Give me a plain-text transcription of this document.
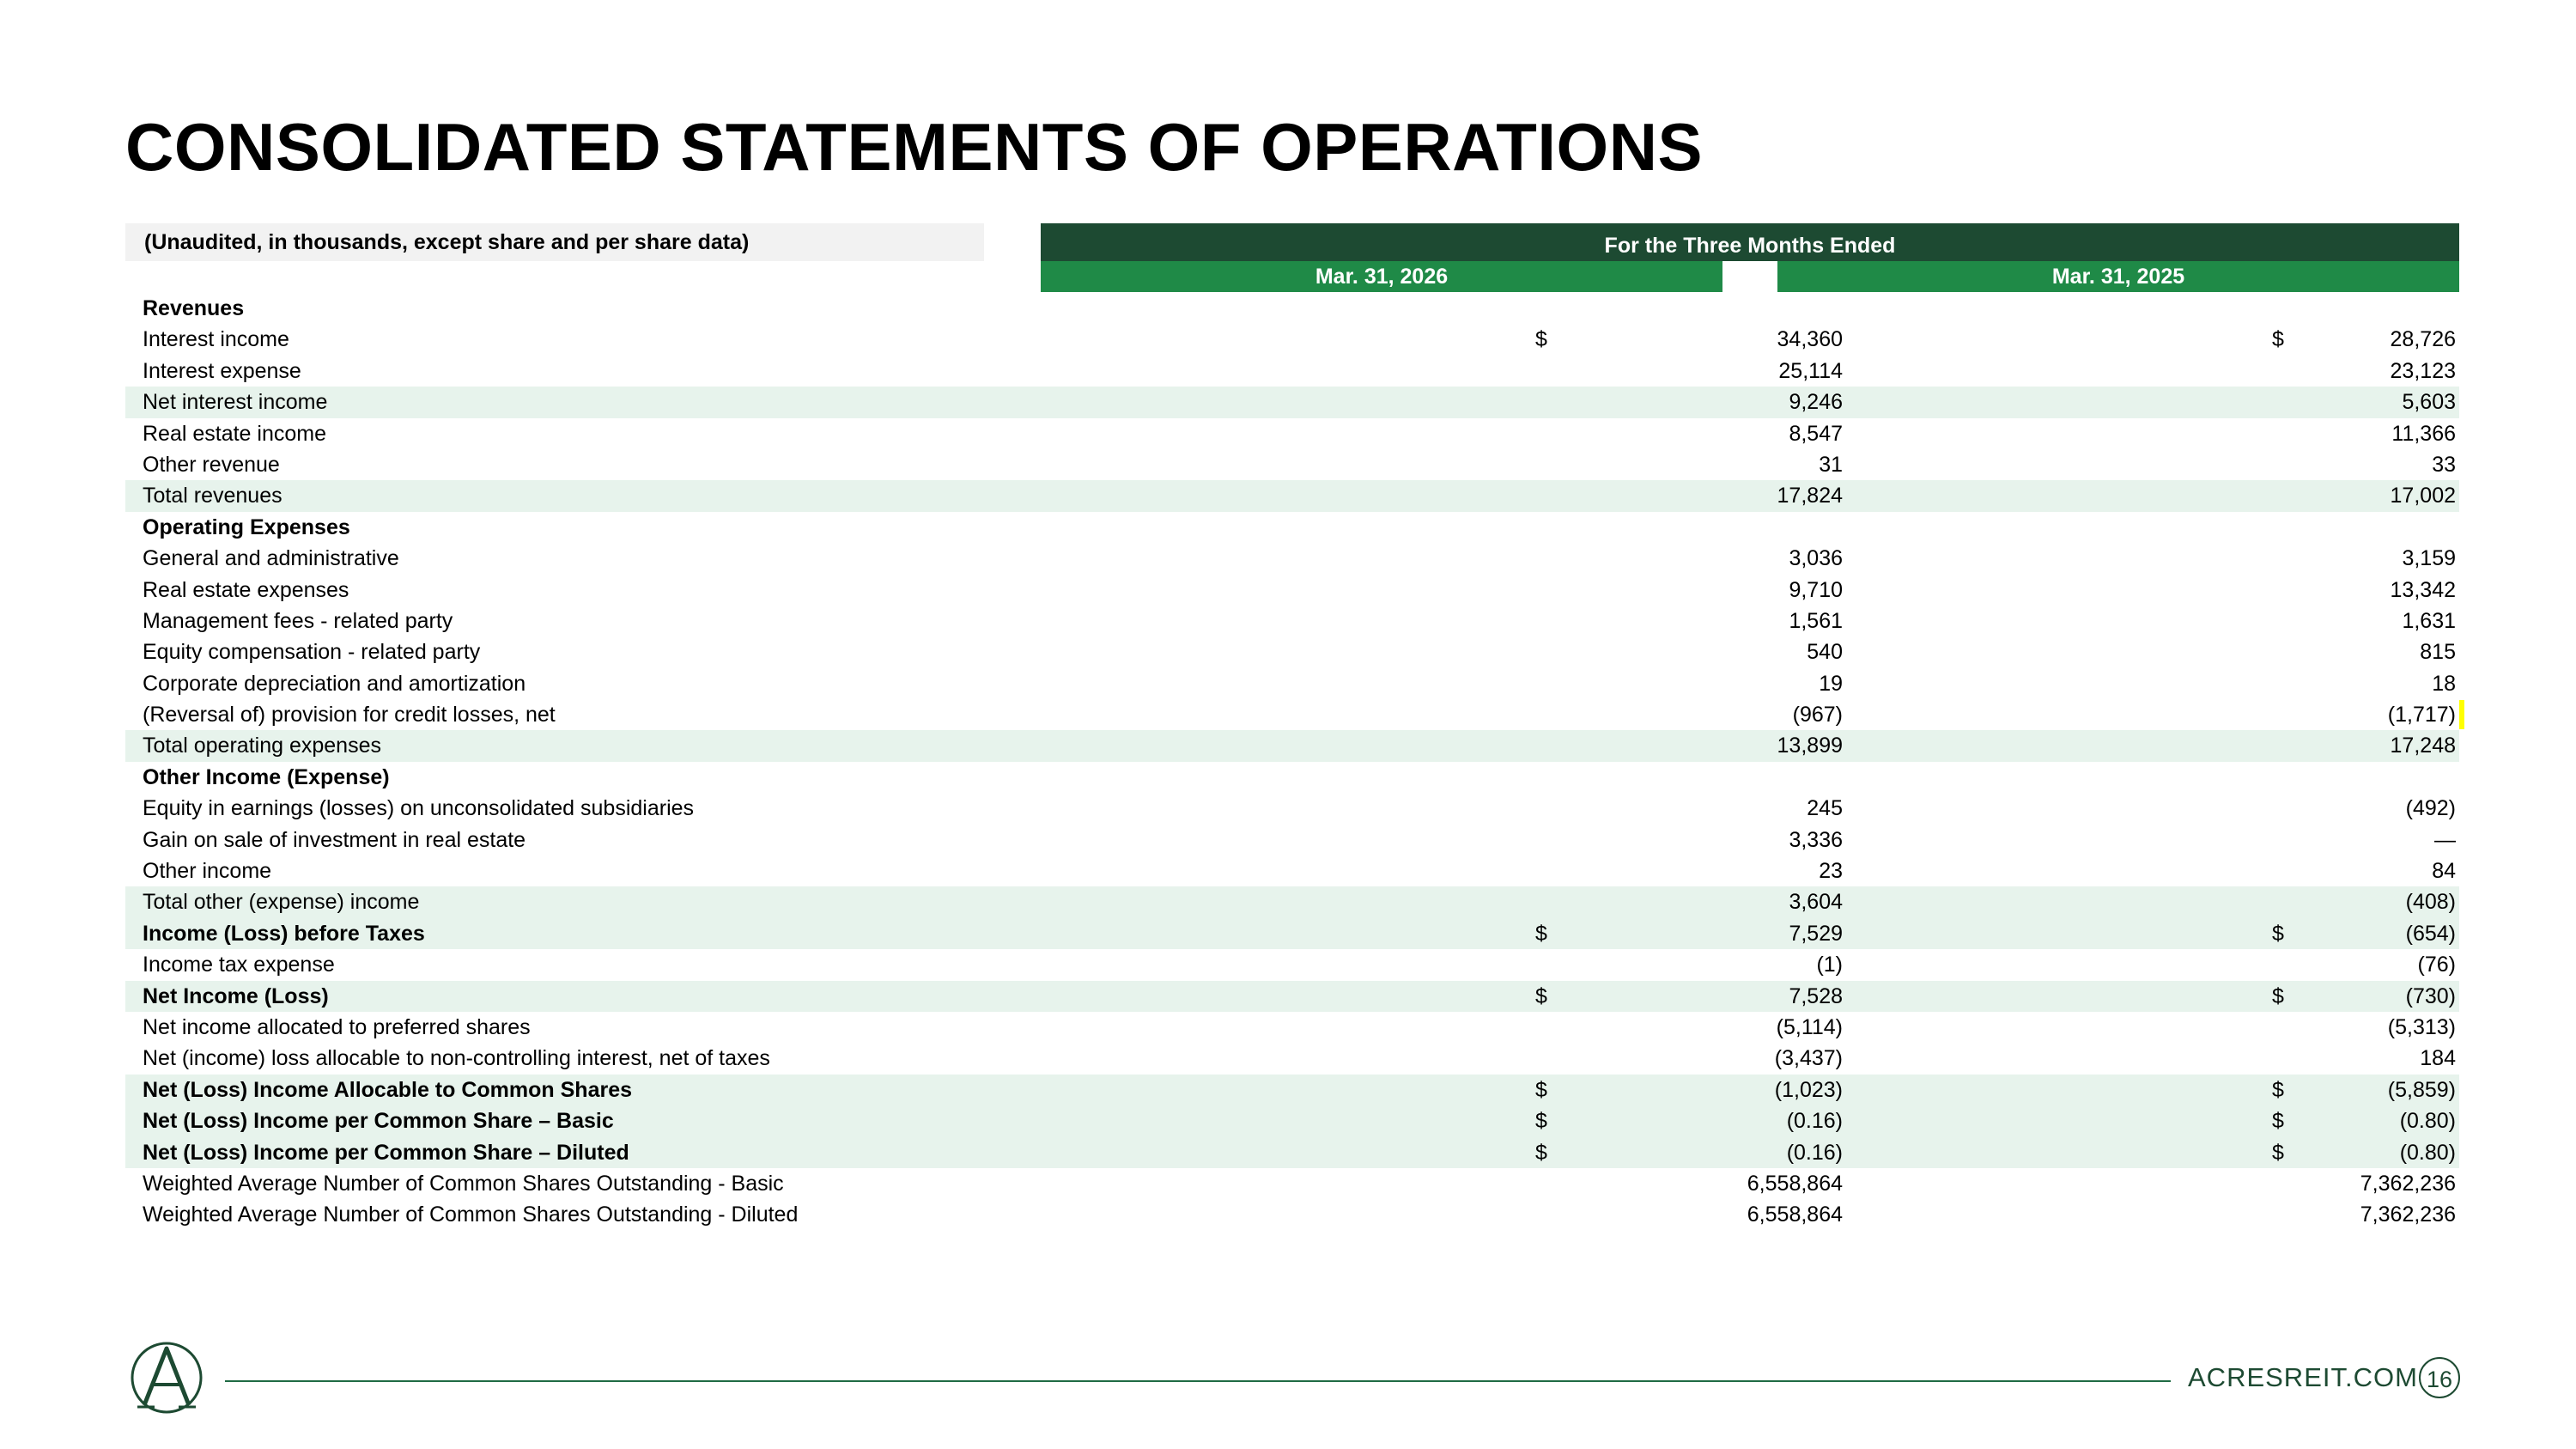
CONSOLIDATED STATEMENTS OF OPERATIONS
(Unaudited, in thousands, except share and per share data)	For the Three Months Ended
Mar. 31, 2026	Mar. 31, 2025
Revenues
Interest income	$	34,360	$	28,726
Interest expense	25,114	23,123
Net interest income	9,246	5,603
Real estate income	8,547	11,366
Other revenue	31	33
Total revenues	17,824	17,002
Operating Expenses
General and administrative	3,036	3,159
Real estate expenses	9,710	13,342
Management fees - related party	1,561	1,631
Equity compensation - related party	540	815
Corporate depreciation and amortization	19	18
(Reversal of) provision for credit losses, net	(967)	(1,717)
Total operating expenses	13,899	17,248
Other Income (Expense)
Equity in earnings (losses) on unconsolidated subsidiaries	245	(492)
Gain on sale of investment in real estate	3,336	—
Other income	23	84
Total other (expense) income	3,604	(408)
Income (Loss) before Taxes	$	7,529	$	(654)
Income tax expense	(1)	(76)
Net Income (Loss)	$	7,528	$	(730)
Net income allocated to preferred shares	(5,114)	(5,313)
Net (income) loss allocable to non-controlling interest, net of taxes	(3,437)	184
Net (Loss) Income Allocable to Common Shares	$	(1,023)	$	(5,859)
Net (Loss) Income per Common Share – Basic	$	(0.16)	$	(0.80)
Net (Loss) Income per Common Share – Diluted	$	(0.16)	$	(0.80)
Weighted Average Number of Common Shares Outstanding - Basic	6,558,864	7,362,236
Weighted Average Number of Common Shares Outstanding - Diluted	6,558,864	7,362,236
ACRESREIT.COM 16
